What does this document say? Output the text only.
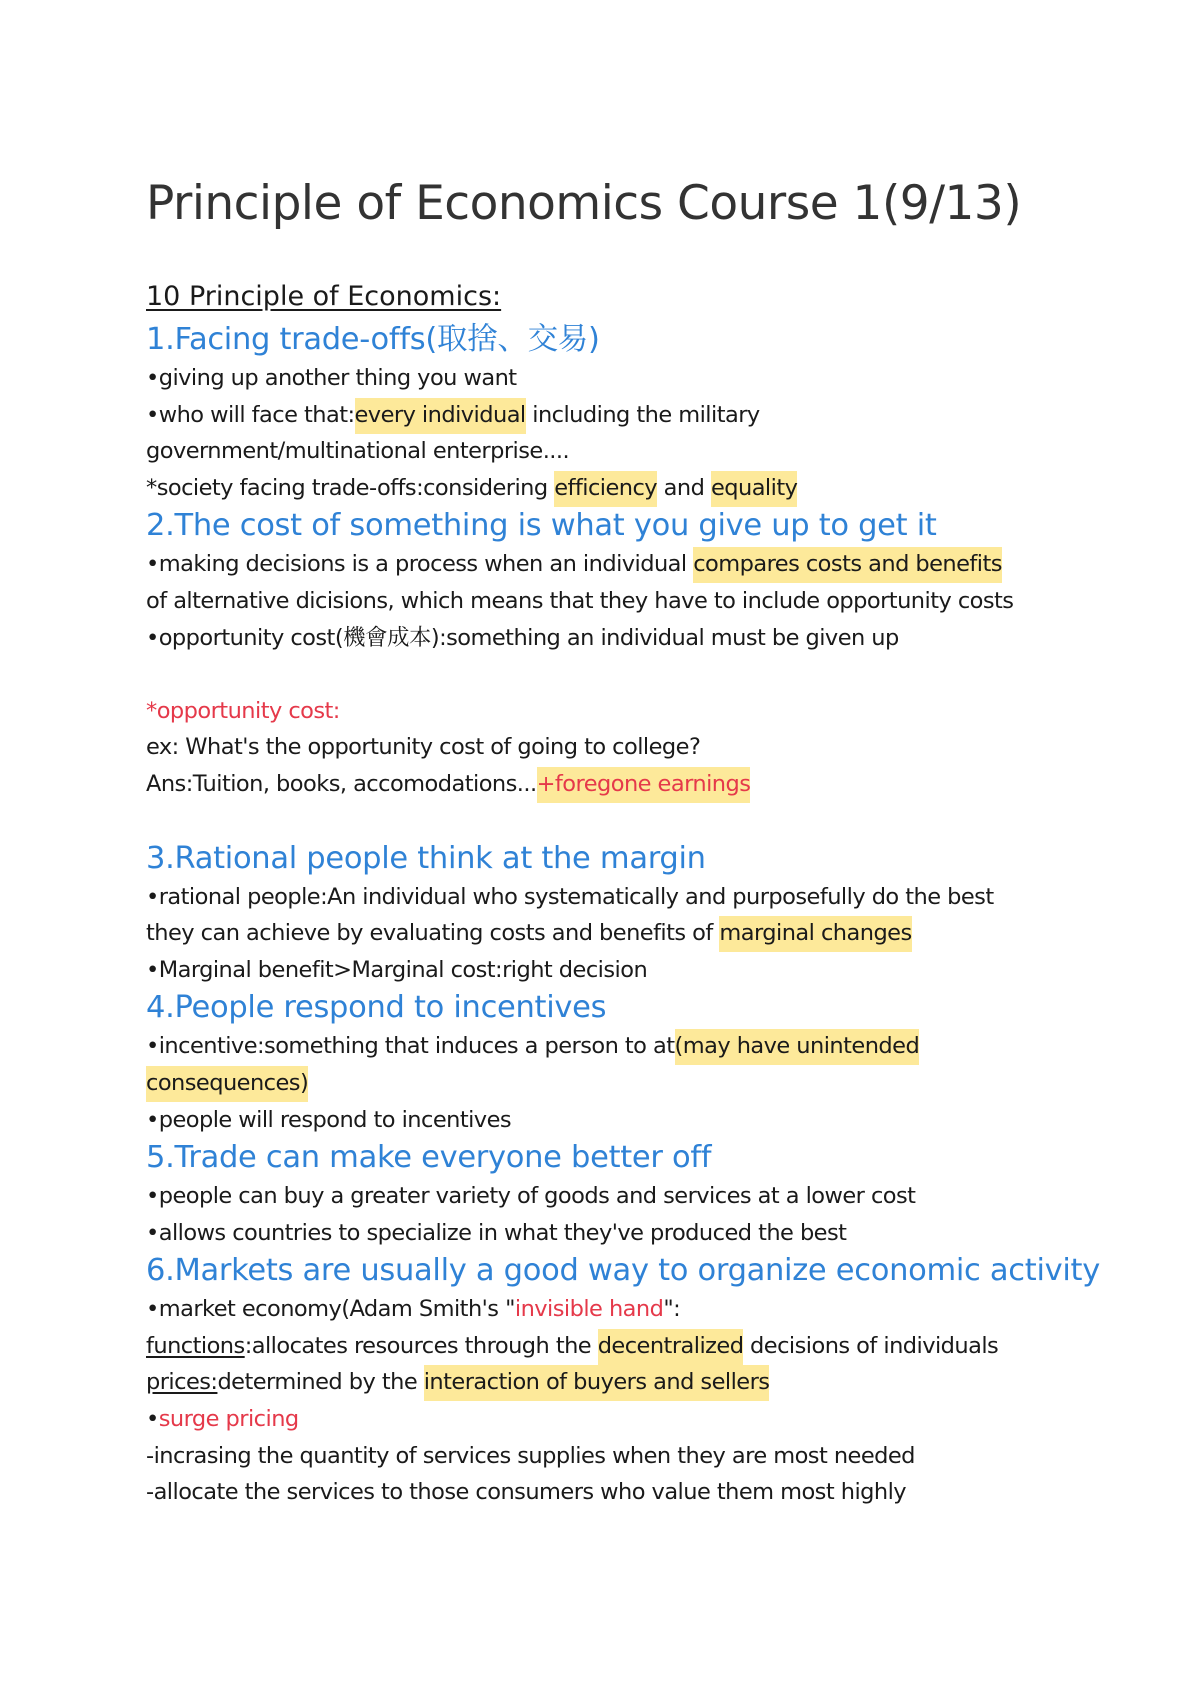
Principle of Economics Course 1(9/13)
10 Principle of Economics:
1.Facing trade-offs(取捨、交易)
•giving up another thing you want
•who will face that:every individual including the military
government/multinational enterprise....
*society facing trade-offs:considering efficiency and equality
2.The cost of something is what you give up to get it
•making decisions is a process when an individual compares costs and benefits
of alternative dicisions, which means that they have to include opportunity costs
•opportunity cost(機會成本):something an individual must be given up
*opportunity cost:
ex: What's the opportunity cost of going to college?
Ans:Tuition, books, accomodations...+foregone earnings
3.Rational people think at the margin
•rational people:An individual who systematically and purposefully do the best
they can achieve by evaluating costs and benefits of marginal changes
•Marginal benefit>Marginal cost:right decision
4.People respond to incentives
•incentive:something that induces a person to at(may have unintended
consequences)
•people will respond to incentives
5.Trade can make everyone better off
•people can buy a greater variety of goods and services at a lower cost
•allows countries to specialize in what they've produced the best
6.Markets are usually a good way to organize economic activity
•market economy(Adam Smith's "invisible hand":
functions:allocates resources through the decentralized decisions of individuals
prices:determined by the interaction of buyers and sellers
•surge pricing
-incrasing the quantity of services supplies when they are most needed
-allocate the services to those consumers who value them most highly
